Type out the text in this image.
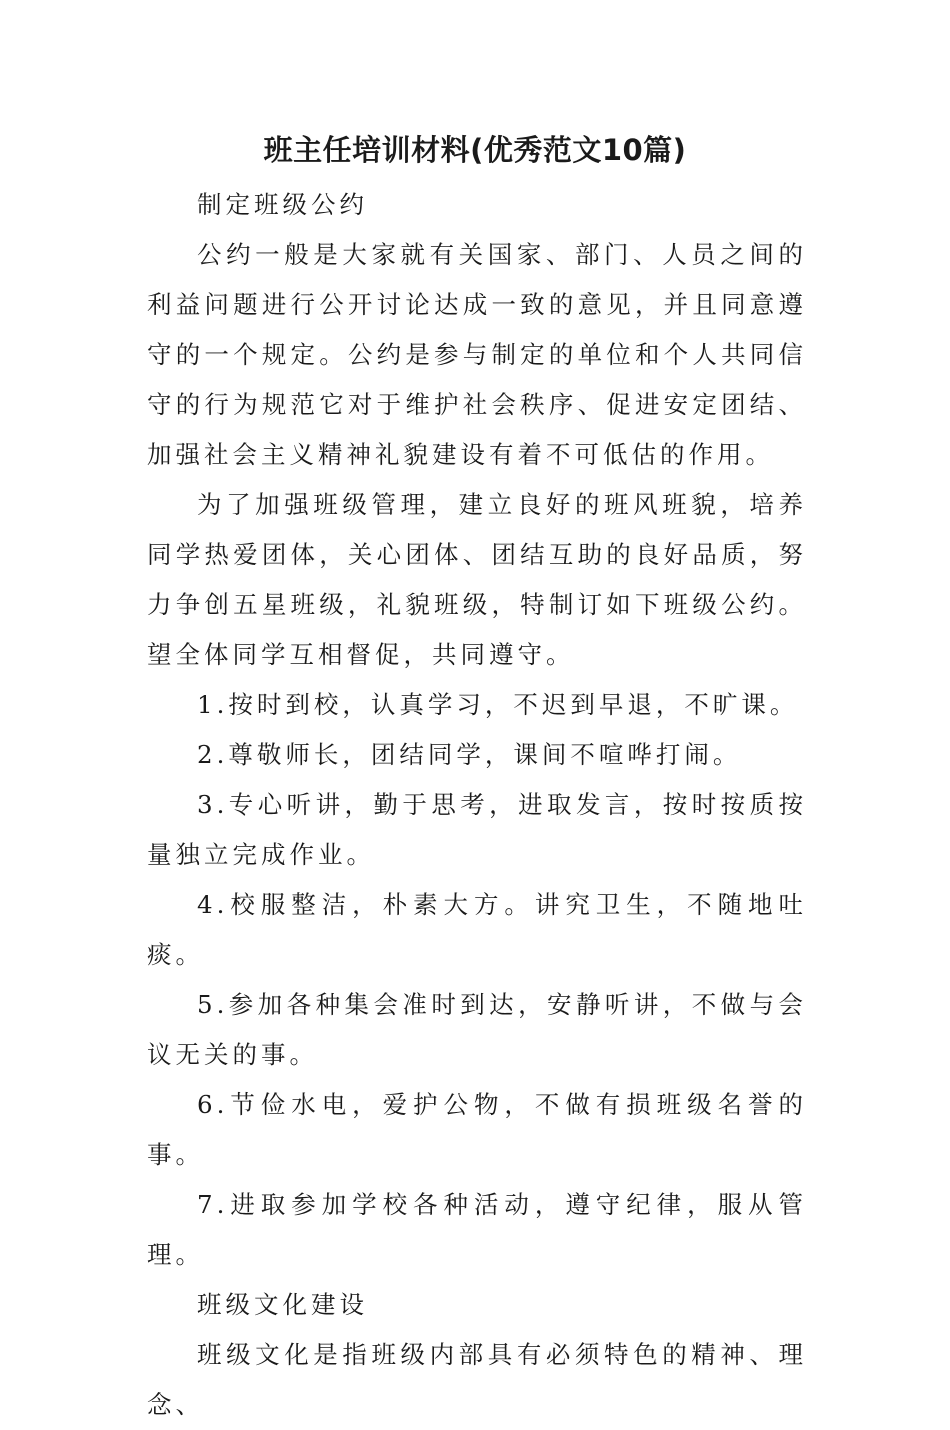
班主任培训材料(优秀范文10篇)

制定班级公约

公约一般是大家就有关国家、部门、人员之间的利益问题进行公开讨论达成一致的意见，并且同意遵守的一个规定。公约是参与制定的单位和个人共同信守的行为规范它对于维护社会秩序、促进安定团结、加强社会主义精神礼貌建设有着不可低估的作用。

为了加强班级管理，建立良好的班风班貌，培养同学热爱团体，关心团体、团结互助的良好品质，努力争创五星班级，礼貌班级，特制订如下班级公约。望全体同学互相督促，共同遵守。

1.按时到校，认真学习，不迟到早退，不旷课。

2.尊敬师长，团结同学，课间不喧哗打闹。

3.专心听讲，勤于思考，进取发言，按时按质按量独立完成作业。

4.校服整洁，朴素大方。讲究卫生，不随地吐痰。

5.参加各种集会准时到达，安静听讲，不做与会议无关的事。

6.节俭水电，爱护公物，不做有损班级名誉的事。

7.进取参加学校各种活动，遵守纪律，服从管理。

班级文化建设

班级文化是指班级内部具有必须特色的精神、理念、
